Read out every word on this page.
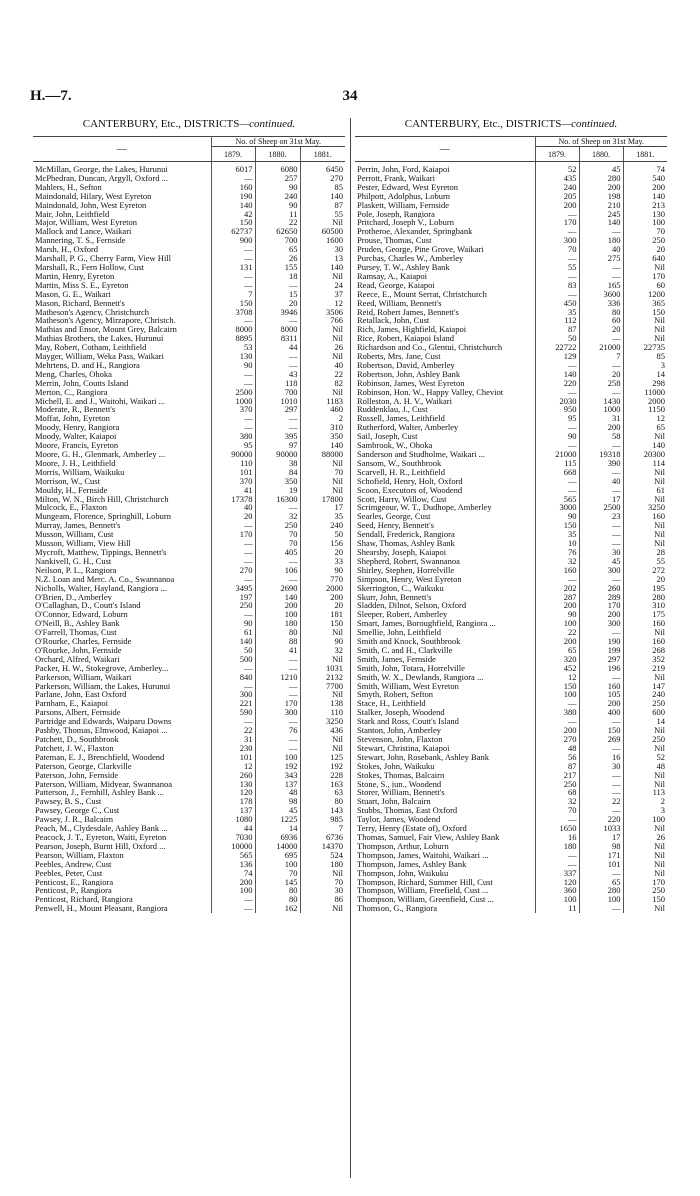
H.—7.	34
CANTERBURY, Etc., DISTRICTS—continued.
—	No. of Sheep on 31st May.		
	1879.	1880.	1881.
McMillan, George, the Lakes, Hurunui	6017	6080	6450
McPhedran, Duncan, Argyll, Oxford ...	—	257	270
Mahlers, H., Sefton	160	90	85
Maindonald, Hilary, West Eyreton	190	240	140
Maindonald, John, West Eyreton	140	90	87
Mair, John, Leithfield	42	11	55
Major, William, West Eyreton	150	22	Nil
Mallock and Lance, Waikari	62737	62650	60500
Mannering, T. S., Fernside	900	700	1600
Marsh, H., Oxford	—	65	30
Marshall, P. G., Cherry Farm, View Hill	—	26	13
Marshall, R., Fern Hollow, Cust	131	155	140
Martin, Henry, Eyreton	—	18	Nil
Martin, Miss S. E., Eyreton	—	—	24
Mason, G. E., Waikari	7	15	37
Mason, Richard, Bennett's	150	20	12
Matheson's Agency, Christchurch	3708	3946	3506
Matheson's Agency, Mirzapore, Christch.	—	—	766
Mathias and Ensor, Mount Grey, Balcairn	8000	8000	Nil
Mathias Brothers, the Lakes, Hurunui	8895	8311	Nil
May, Robert, Cotham, Leithfield	53	44	26
Mayger, William, Weka Pass, Waikari	130	—	Nil
Mehrtens, D. and H., Rangiora	90	—	40
Meng, Charles, Ohoka	—	43	22
Merrin, John, Coutts Island	—	118	82
Merton, C., Rangiora	2500	700	Nil
Michell, E. and J., Waitohi, Waikari ...	1000	1010	1183
Moderate, R., Bennett's	370	297	460
Moffat, John, Eyreton	—	—	2
Moody, Henry, Rangiora	—	—	310
Moody, Walter, Kaiapoi	380	395	350
Moore, Francis, Eyreton	95	97	140
Moore, G. H., Glenmark, Amberley ...	90000	90000	88000
Moore, J. H., Leithfield	110	38	Nil
Morris, William, Waikuku	101	84	70
Morrison, W., Cust	370	350	Nil
Mouldy, H., Fernside	41	19	Nil
Milton, W. N., Birch Hill, Christchurch	17378	16300	17800
Mulcock, E., Flaxton	40	—	17
Mungeam, Florence, Springhill, Loburn	20	32	35
Murray, James, Bennett's	—	250	240
Musson, William, Cust	170	70	50
Musson, William, View Hill	—	70	156
Mycroft, Matthew, Tippings, Bennett's	—	405	20
Nankivell, G. H., Cust	—	—	33
Neilson, P. L., Rangiora	270	106	90
N.Z. Loan and Merc. A. Co., Swannanoa	—	—	770
Nicholls, Walter, Hayland, Rangiora ...	3495	2690	2000
O'Brien, D., Amberley	197	140	200
O'Callaghan, D., Coutt's Island	250	200	20
O'Connor, Edward, Loburn	—	100	181
O'Neill, B., Ashley Bank	90	180	150
O'Farrell, Thomas, Cust	61	80	Nil
O'Rourke, Charles, Fernside	140	88	90
O'Rourke, John, Fernside	50	41	32
Orchard, Alfred, Waikari	500	—	Nil
Packer, H. W., Stokegrove, Amberley...	—	—	1031
Parkerson, William, Waikari	840	1210	2132
Parkerson, William, the Lakes, Hurunui	—	—	7700
Parlane, John, East Oxford	300	—	Nil
Parnham, E., Kaiapoi	221	170	138
Parsons, Albert, Fernside	590	300	110
Partridge and Edwards, Waiparu Downs	—	—	3250
Pashby, Thomas, Elmwood, Kaiapoi ...	22	76	436
Patchett, D., Southbrook	31	—	Nil
Patchett, J. W., Flaxton	230	—	Nil
Pateman, E. J., Brenchfield, Woodend	101	100	125
Paterson, George, Clarkville	12	192	192
Paterson, John, Fernside	260	343	228
Paterson, William, Midyear, Swannanoa	130	137	163
Patterson, J., Fernhill, Ashley Bank ...	120	48	63
Pawsey, B. S., Cust	178	98	80
Pawsey, George C., Cust	137	45	143
Pawsey, J. R., Balcairn	1080	1225	985
Peach, M., Clydesdale, Ashley Bank ...	44	14	7
Peacock, J. T., Eyreton, Waiti, Eyreton	7030	6936	6736
Pearson, Joseph, Burnt Hill, Oxford ...	10000	14000	14370
Pearson, William, Flaxton	565	695	524
Peebles, Andrew, Cust	136	100	180
Peebles, Peter, Cust	74	70	Nil
Penticost, E., Rangiora	200	145	70
Penticost, P., Rangiora	100	80	30
Penticost, Richard, Rangiora	—	80	86
Penwell, H., Mount Pleasant, Rangiora	—	162	Nil
CANTERBURY, Etc., DISTRICTS—continued.
—	No. of Sheep on 31st May.		
	1879.	1880.	1881.
Perrin, John, Ford, Kaiapoi	52	45	74
Perrott, Frank, Waikari	435	280	540
Pester, Edward, West Eyreton	240	200	200
Philpott, Adolphus, Loburn	205	198	140
Plaskett, William, Fernside	200	210	213
Pole, Joseph, Rangiora	—	245	130
Pritchard, Joseph V., Loburn	170	140	100
Protheroe, Alexander, Springbank	—	—	70
Prouse, Thomas, Cust	300	180	250
Pruden, George, Pine Grove, Waikari	70	40	20
Purchas, Charles W., Amberley	—	275	640
Pursey, T. W., Ashley Bank	55	—	Nil
Ramsay, A., Kaiapoi	—	—	170
Read, George, Kaiapoi	83	165	60
Reece, E., Mount Serrat, Christchurch	—	3600	1200
Reed, William, Bennett's	450	336	365
Reid, Robert James, Bennett's	35	80	150
Retallack, John, Cust	112	60	Nil
Rich, James, Highfield, Kaiapoi	87	20	Nil
Rice, Robert, Kaiapoi Island	50	—	Nil
Richardson and Co., Glentui, Christchurch	22722	21000	22735
Roberts, Mrs. Jane, Cust	129	7	85
Robertson, David, Amberley	—	—	3
Robertson, John, Ashley Bank	140	20	14
Robinson, James, West Eyreton	220	258	298
Robinson, Hon. W., Happy Valley, Cheviot	—	—	11000
Rolleston, A. H. V., Waikari	2030	1430	2000
Ruddenklau, J., Cust	950	1000	1150
Russell, James, Leithfield	95	31	12
Rutherford, Walter, Amberley	—	200	65
Sail, Joseph, Cust	90	58	Nil
Sambrook, W., Ohoka	—	—	140
Sanderson and Studholme, Waikari ...	21000	19318	20300
Sansom, W., Southbrook	115	390	114
Scarvell, H. R., Leithfield	668	—	Nil
Schofield, Henry, Holt, Oxford	—	40	Nil
Scoon, Executors of, Woodend	—	—	61
Scott, Harry, Willow, Cust	565	17	Nil
Scrimgeour, W. T., Dudhope, Amberley	3000	2500	3250
Searles, George, Cust	90	23	160
Seed, Henry, Bennett's	150	—	Nil
Sendall, Frederick, Rangiora	35	—	Nil
Shaw, Thomas, Ashley Bank	10	—	Nil
Shearsby, Joseph, Kaiapoi	76	30	28
Shepherd, Robert, Swannanoa	32	45	55
Shirley, Stephen, Horrelville	160	300	272
Simpson, Henry, West Eyreton	—	—	20
Skerrington, C., Waikuku	202	260	195
Skurr, John, Bennett's	287	289	280
Sladden, Dilnot, Selson, Oxford	200	170	310
Sleeper, Robert, Amberley	90	200	175
Smart, James, Boroughfield, Rangiora ...	100	300	160
Smellie, John, Leithfield	22	—	Nil
Smith and Knock, Southbrook	200	190	160
Smith, C. and H., Clarkville	65	199	268
Smith, James, Fernside	320	297	352
Smith, John, Totara, Horrelville	452	196	219
Smith, W. X., Dewlands, Rangiora ...	12	—	Nil
Smith, William, West Eyreton	150	160	147
Smyth, Robert, Sefton	100	105	240
Stace, H., Leithfield	—	200	250
Stalker, Joseph, Woodend	380	400	600
Stark and Ross, Coutt's Island	—	—	14
Stanton, John, Amberley	200	150	Nil
Stevenson, John, Flaxton	270	269	250
Stewart, Christina, Kaiapoi	48	—	Nil
Stewart, John, Rosebank, Ashley Bank	56	16	52
Stokes, John, Waikuku	87	30	48
Stokes, Thomas, Balcairn	217	—	Nil
Stone, S., jun., Woodend	250	—	Nil
Storer, William, Bennett's	68	—	113
Stuart, John, Balcairn	32	22	2
Stubbs, Thomas, East Oxford	70	—	3
Taylor, James, Woodend	—	220	100
Terry, Henry (Estate of), Oxford	1650	1033	Nil
Thomas, Samuel, Fair View, Ashley Bank	16	17	26
Thompson, Arthur, Loburn	180	98	Nil
Thompson, James, Waitohi, Waikari ...	—	171	Nil
Thompson, James, Ashley Bank	—	101	Nil
Thompson, John, Waikuku	337	—	Nil
Thompson, Richard, Summer Hill, Cust	120	65	170
Thompson, William, Freefield, Cust ...	360	280	250
Thompson, William, Greenfield, Cust ...	100	100	150
Thomson, G., Rangiora	11	—	Nil
